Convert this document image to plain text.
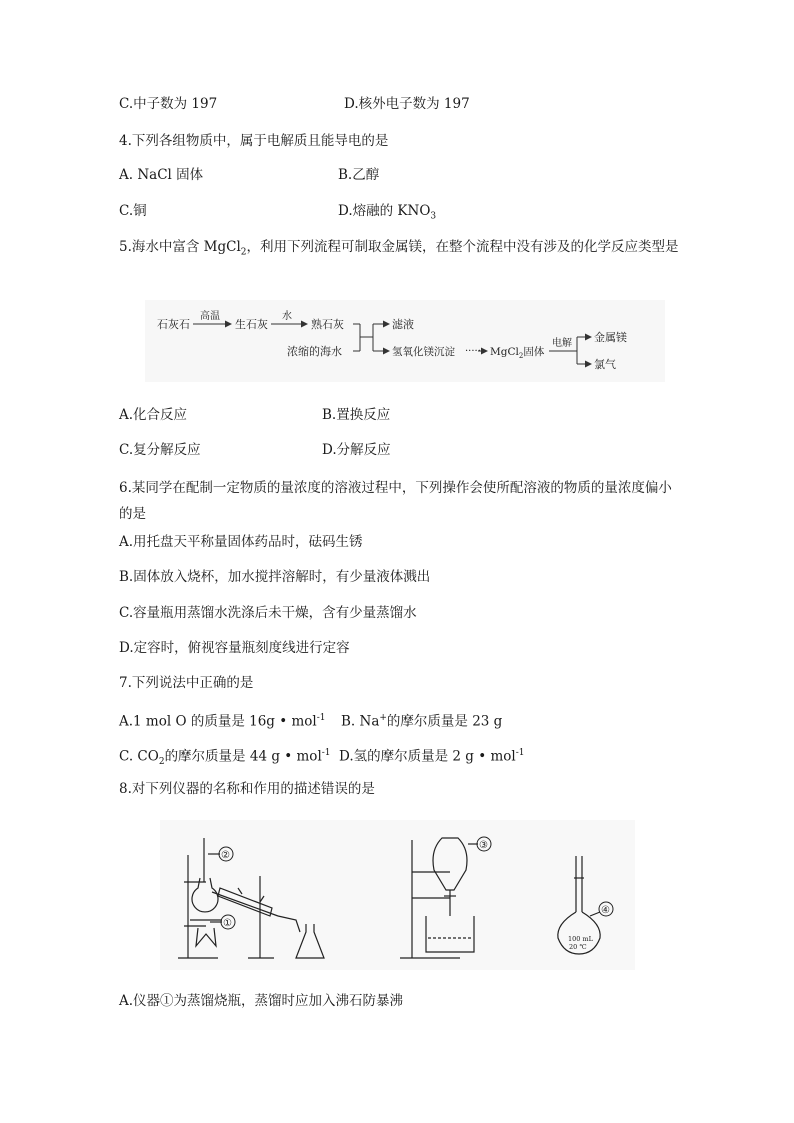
C.中子数为 197	D.核外电子数为 197
4.下列各组物质中，属于电解质且能导电的是
A. NaCl 固体	B.乙醇
C.铜	D.熔融的 $KNO_3$
5.海水中富含 MgCl$_2$，利用下列流程可制取金属镁，在整个流程中没有涉及的化学反应类型是
石灰石
高温
生石灰
水
熟石灰
浓缩的海水
滤液
氢氧化镁沉淀 ····· MgCl$_2$固体
电解 金属镁
氯气
A.化合反应	B.置换反应
C.复分解反应	D.分解反应
6.某同学在配制一定物质的量浓度的溶液过程中，下列操作会使所配溶液的物质的量浓度偏小的是
A.用托盘天平称量固体药品时，砝码生锈
B.固体放入烧杯，加水搅拌溶解时，有少量液体溅出
C.容量瓶用蒸馏水洗涤后未干燥，含有少量蒸馏水
D.定容时，俯视容量瓶刻度线进行定容
7.下列说法中正确的是
A.1 mol O 的质量是 16g • mol$^{-1}$ B. Na+的摩尔质量是 23 g
C. $CO_2$的摩尔质量是 44 g • mol$^{-1}$ D.氢的摩尔质量是 2 g • mol$^{-1}$
8.对下列仪器的名称和作用的描述错误的是
②
①
③
④
100 mL
20 ℃
A.仪器①为蒸馏烧瓶，蒸馏时应加入沸石防暴沸
